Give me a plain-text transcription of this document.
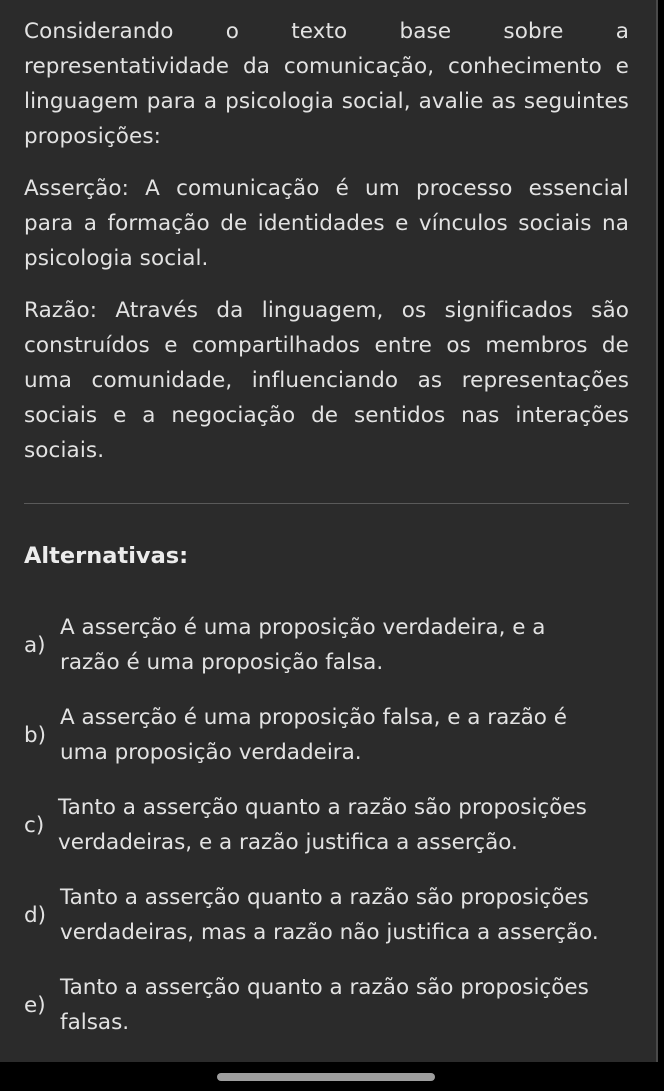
Considerando o texto base sobre a

representatividade da comunicação, conhecimento e linguagem para a psicologia social, avalie as seguintes proposições:

Asserção: A comunicação é um processo essencial para a formação de identidades e vínculos sociais na psicologia social.

Razão: Através da linguagem, os significados são construídos e compartilhados entre os membros de uma comunidade, influenciando as representações sociais e a negociação de sentidos nas interações sociais.

Alternativas:
a)
A asserção é uma proposição verdadeira, e a razão é uma proposição falsa.
b)
A asserção é uma proposição falsa, e a razão é uma proposição verdadeira.
c)
Tanto a asserção quanto a razão são proposições verdadeiras, e a razão justifica a asserção.
d)
Tanto a asserção quanto a razão são proposições verdadeiras, mas a razão não justifica a asserção.
e)
Tanto a asserção quanto a razão são proposições falsas.
